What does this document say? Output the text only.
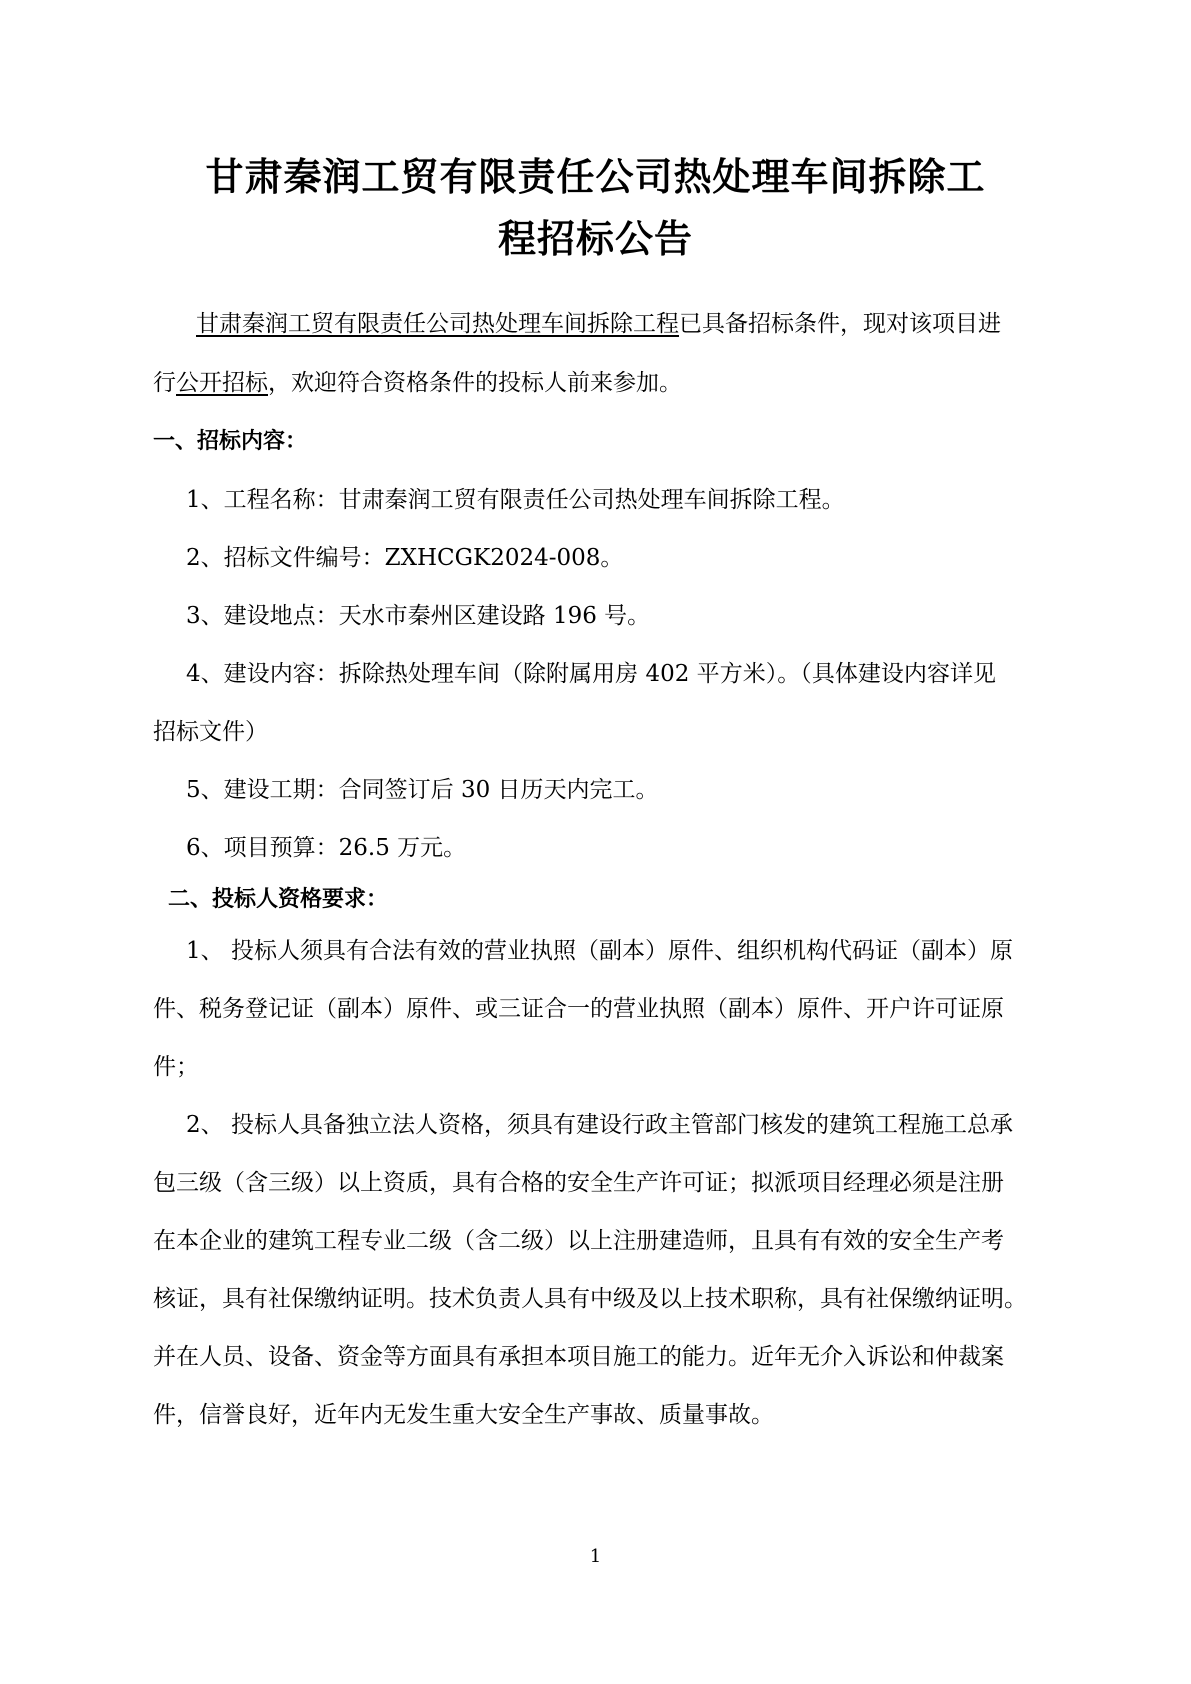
甘肃秦润工贸有限责任公司热处理车间拆除工
程招标公告
甘肃秦润工贸有限责任公司热处理车间拆除工程已具备招标条件，现对该项目进
行公开招标，欢迎符合资格条件的投标人前来参加。
一、招标内容：
1、工程名称：甘肃秦润工贸有限责任公司热处理车间拆除工程。
2、招标文件编号：ZXHCGK2024-008。
3、建设地点：天水市秦州区建设路 196 号。
4、建设内容：拆除热处理车间（除附属用房 402 平方米）。（具体建设内容详见
招标文件）
5、建设工期：合同签订后 30 日历天内完工。
6、项目预算：26.5 万元。
二、投标人资格要求：
1、 投标人须具有合法有效的营业执照（副本）原件、组织机构代码证（副本）原
件、税务登记证（副本）原件、或三证合一的营业执照（副本）原件、开户许可证原
件；
2、 投标人具备独立法人资格，须具有建设行政主管部门核发的建筑工程施工总承
包三级（含三级）以上资质，具有合格的安全生产许可证；拟派项目经理必须是注册
在本企业的建筑工程专业二级（含二级）以上注册建造师，且具有有效的安全生产考
核证，具有社保缴纳证明。技术负责人具有中级及以上技术职称，具有社保缴纳证明。
并在人员、设备、资金等方面具有承担本项目施工的能力。近年无介入诉讼和仲裁案
件，信誉良好，近年内无发生重大安全生产事故、质量事故。
1
